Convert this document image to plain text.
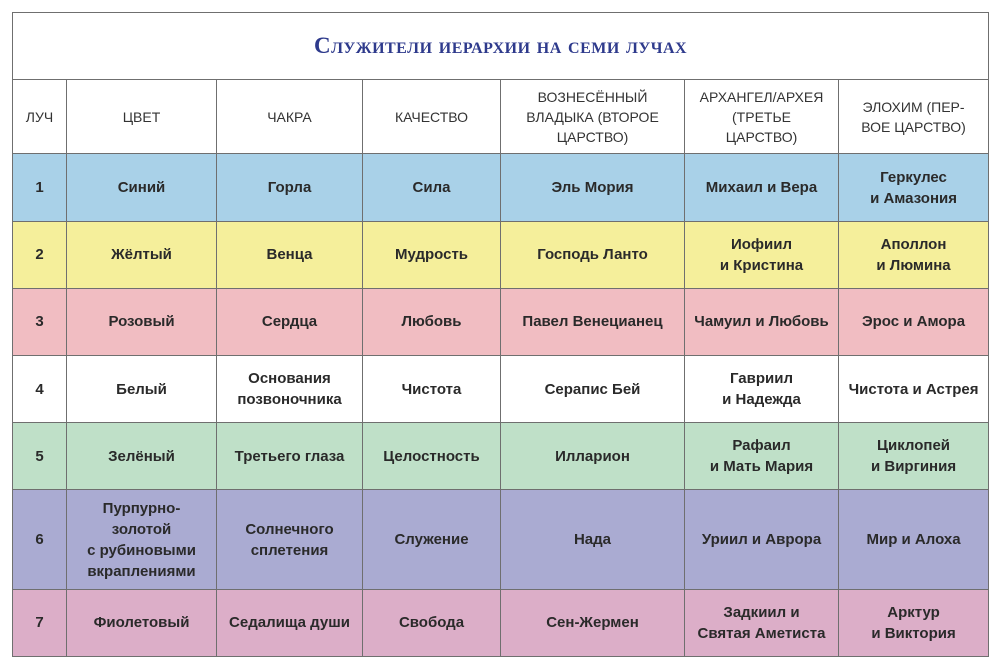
Служители иерархии на семи лучах						
ЛУЧ	ЦВЕТ	ЧАКРА	КАЧЕСТВО	ВОЗНЕСЁННЫЙ
ВЛАДЫКА (ВТОРОЕ
ЦАРСТВО)	АРХАНГЕЛ/АРХЕЯ
(ТРЕТЬЕ
ЦАРСТВО)	ЭЛОХИМ (ПЕР-
ВОЕ ЦАРСТВО)
1	Синий	Горла	Сила	Эль Мория	Михаил и Вера	Геркулес
и Амазония
2	Жёлтый	Венца	Мудрость	Господь Ланто	Иофиил
и Кристина	Аполлон
и Люмина
3	Розовый	Сердца	Любовь	Павел Венецианец	Чамуил и Любовь	Эрос и Амора
4	Белый	Основания
позвоночника	Чистота	Серапис Бей	Гавриил
и Надежда	Чистота и Астрея
5	Зелёный	Третьего глаза	Целостность	Илларион	Рафаил
и Мать Мария	Циклопей
и Виргиния
6	Пурпурно-
золотой
с рубиновыми
вкраплениями	Солнечного
сплетения	Служение	Нада	Уриил и Аврора	Мир и Алоха
7	Фиолетовый	Седалища души	Свобода	Сен-Жермен	Задкиил и
Святая Аметиста	Арктур
и Виктория
